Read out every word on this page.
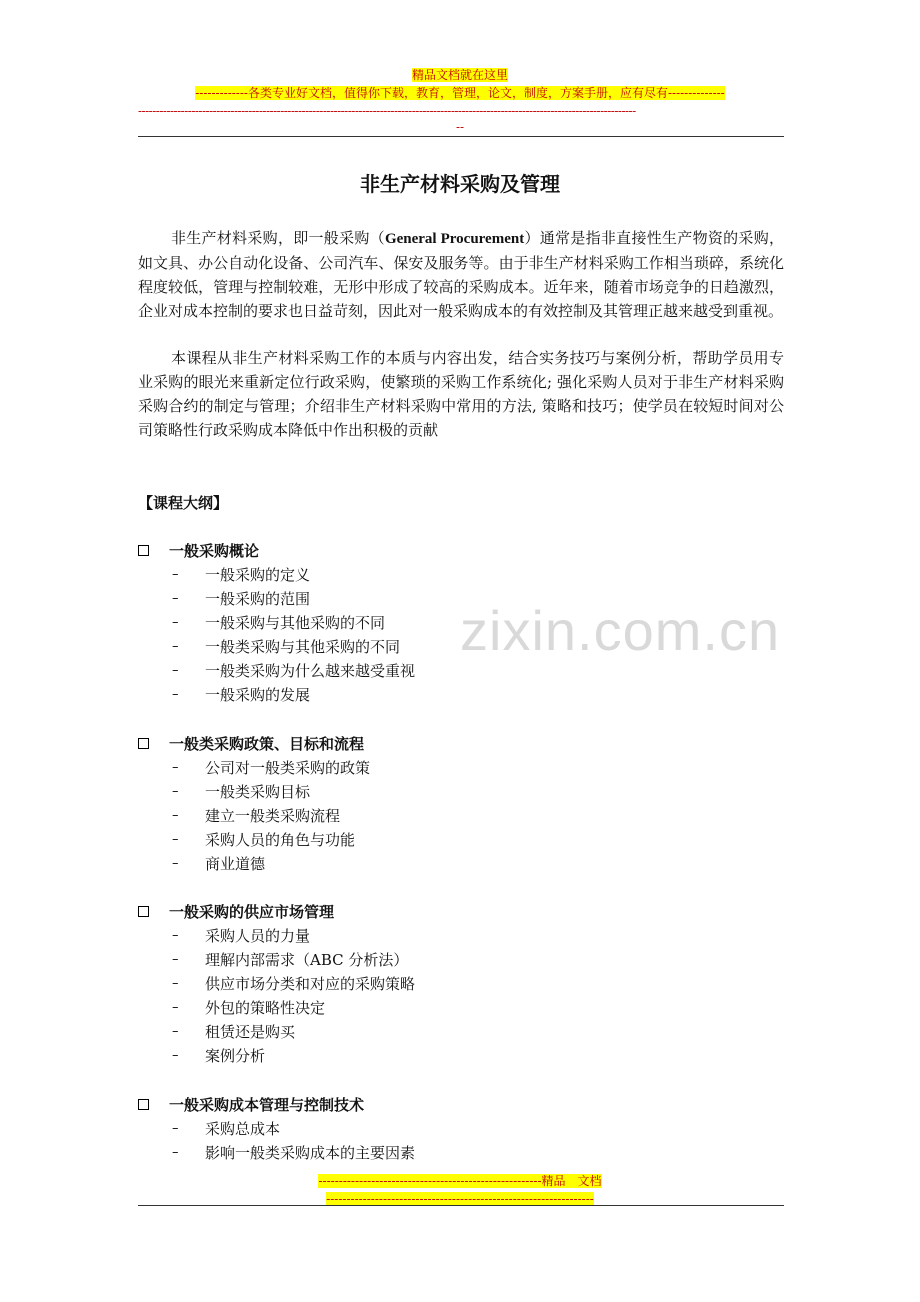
精品文档就在这里
-------------各类专业好文档，值得你下载，教育，管理，论文，制度，方案手册，应有尽有--------------
--------------------------------------------------------------------------------------------------------------------------------------------
--
非生产材料采购及管理
非生产材料采购，即一般采购（General Procurement）通常是指非直接性生产物资的采购，如文具、办公自动化设备、公司汽车、保安及服务等。由于非生产材料采购工作相当琐碎，系统化程度较低，管理与控制较难，无形中形成了较高的采购成本。近年来，随着市场竞争的日趋激烈，企业对成本控制的要求也日益苛刻，因此对一般采购成本的有效控制及其管理正越来越受到重视。
本课程从非生产材料采购工作的本质与内容出发，结合实务技巧与案例分析，帮助学员用专业采购的眼光来重新定位行政采购，使繁琐的采购工作系统化; 强化采购人员对于非生产材料采购采购合约的制定与管理；介绍非生产材料采购中常用的方法, 策略和技巧；使学员在较短时间对公司策略性行政采购成本降低中作出积极的贡献
【课程大纲】
zixin.com.cn
一般采购概论
–	一般采购的定义
–	一般采购的范围
–	一般采购与其他采购的不同
–	一般类采购与其他采购的不同
–	一般类采购为什么越来越受重视
–	一般采购的发展
一般类采购政策、目标和流程
–	公司对一般类采购的政策
–	一般类采购目标
–	建立一般类采购流程
–	采购人员的角色与功能
–	商业道德
一般采购的供应市场管理
–	采购人员的力量
–	理解内部需求（ABC 分析法）
–	供应市场分类和对应的采购策略
–	外包的策略性决定
–	租赁还是购买
–	案例分析
一般采购成本管理与控制技术
–	采购总成本
–	影响一般类采购成本的主要因素
-------------------------------------------------------精品　文档
------------------------------------------------------------------
